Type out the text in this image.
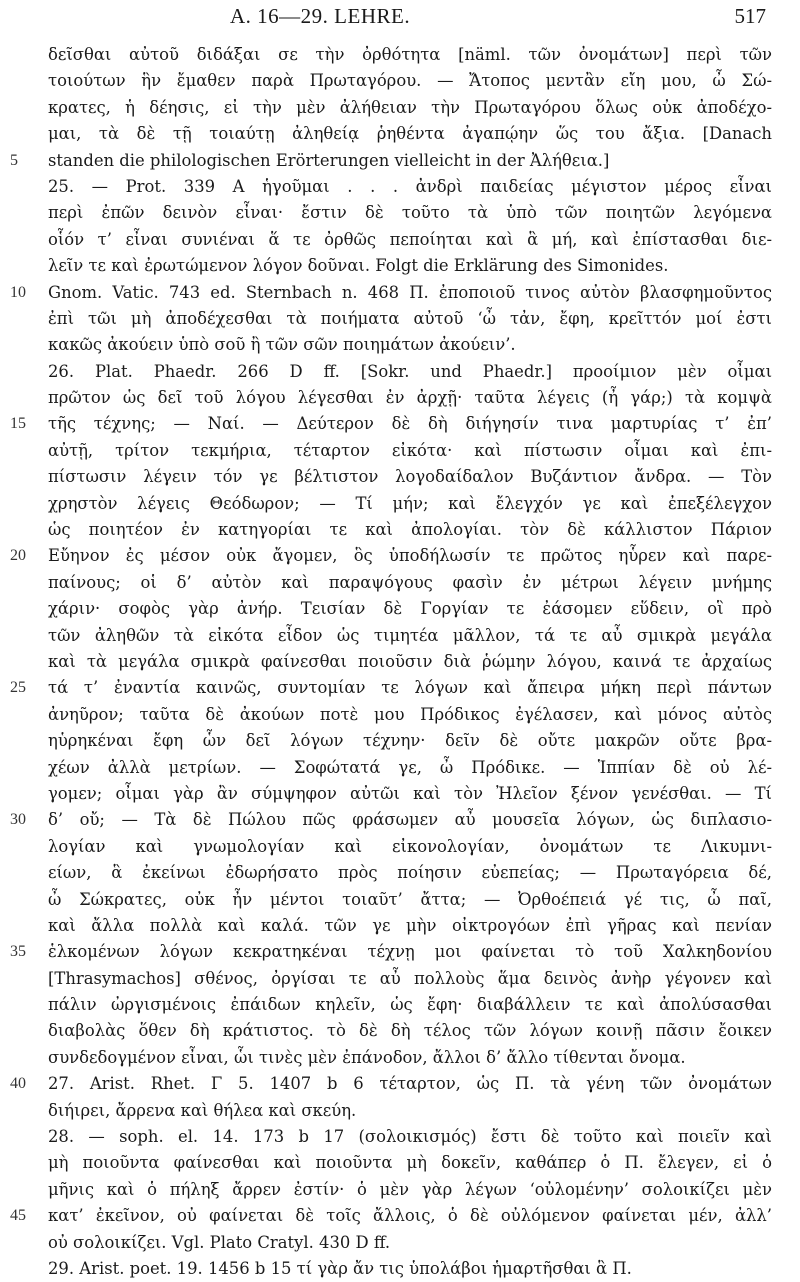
A. 16—29. LEHRE.	517
δεῖσθαι αὐτοῦ διδάξαι σε τὴν ὀρθότητα [näml. τῶν ὀνομάτων] περὶ τῶν
τοιούτων ἣν ἔμαθεν παρὰ Πρωταγόρου. — Ἄτοπος μεντἂν εἴη μου, ὦ Σώ-
κρατες, ἡ δέησις, εἰ τὴν μὲν ἀλήθειαν τὴν Πρωταγόρου ὅλως οὐκ ἀποδέχο-
μαι, τὰ δὲ τῇ τοιαύτῃ ἀληθείᾳ ῥηθέντα ἀγαπῴην ὥς του ἄξια. [Danach
5	standen die philologischen Erörterungen vielleicht in der Ἀλήθεια.]
25. — Prot. 339 A ἡγοῦμαι . . . ἀνδρὶ παιδείας μέγιστον μέρος εἶναι
περὶ ἐπῶν δεινὸν εἶναι· ἔστιν δὲ τοῦτο τὰ ὑπὸ τῶν ποιητῶν λεγόμενα
οἷόν τ’ εἶναι συνιέναι ἅ τε ὀρθῶς πεποίηται καὶ ἃ μή, καὶ ἐπίστασθαι διε-
λεῖν τε καὶ ἐρωτώμενον λόγον δοῦναι. Folgt die Erklärung des Simonides.
10	Gnom. Vatic. 743 ed. Sternbach n. 468 Π. ἐποποιοῦ τινος αὐτὸν βλασφημοῦντος
ἐπὶ τῶι μὴ ἀποδέχεσθαι τὰ ποιήματα αὐτοῦ ‘ὦ τἀν, ἔφη, κρεῖττόν μοί ἐστι
κακῶς ἀκούειν ὑπὸ σοῦ ἢ τῶν σῶν ποιημάτων ἀκούειν’.
26. Plat. Phaedr. 266 D ff. [Sokr. und Phaedr.] προοίμιον μὲν οἶμαι
πρῶτον ὡς δεῖ τοῦ λόγου λέγεσθαι ἐν ἀρχῇ· ταῦτα λέγεις (ἦ γάρ;) τὰ κομψὰ
15	τῆς τέχνης; — Ναί. — Δεύτερον δὲ δὴ διήγησίν τινα μαρτυρίας τ’ ἐπ’
αὐτῇ, τρίτον τεκμήρια, τέταρτον εἰκότα· καὶ πίστωσιν οἶμαι καὶ ἐπι-
πίστωσιν λέγειν τόν γε βέλτιστον λογοδαίδαλον Βυζάντιον ἄνδρα. — Τὸν
χρηστὸν λέγεις Θεόδωρον; — Τί μήν; καὶ ἔλεγχόν γε καὶ ἐπεξέλεγχον
ὡς ποιητέον ἐν κατηγορίαι τε καὶ ἀπολογίαι. τὸν δὲ κάλλιστον Πάριον
20	Εὔηνον ἐς μέσον οὐκ ἄγομεν, ὃς ὑποδήλωσίν τε πρῶτος ηὗρεν καὶ παρε-
παίνους; οἱ δ’ αὐτὸν καὶ παραψόγους φασὶν ἐν μέτρωι λέγειν μνήμης
χάριν· σοφὸς γὰρ ἀνήρ. Τεισίαν δὲ Γοργίαν τε ἐάσομεν εὕδειν, οἳ πρὸ
τῶν ἀληθῶν τὰ εἰκότα εἶδον ὡς τιμητέα μᾶλλον, τά τε αὖ σμικρὰ μεγάλα
καὶ τὰ μεγάλα σμικρὰ φαίνεσθαι ποιοῦσιν διὰ ῥώμην λόγου, καινά τε ἀρχαίως
25	τά τ’ ἐναντία καινῶς, συντομίαν τε λόγων καὶ ἄπειρα μήκη περὶ πάντων
ἀνηῦρον; ταῦτα δὲ ἀκούων ποτὲ μου Πρόδικος ἐγέλασεν, καὶ μόνος αὐτὸς
ηὑρηκέναι ἔφη ὧν δεῖ λόγων τέχνην· δεῖν δὲ οὔτε μακρῶν οὔτε βρα-
χέων ἀλλὰ μετρίων. — Σοφώτατά γε, ὦ Πρόδικε. — Ἱππίαν δὲ οὐ λέ-
γομεν; οἶμαι γὰρ ἂν σύμψηφον αὐτῶι καὶ τὸν Ἠλεῖον ξένον γενέσθαι. — Τί
30	δ’ οὔ; — Τὰ δὲ Πώλου πῶς φράσωμεν αὖ μουσεῖα λόγων, ὡς διπλασιο-
λογίαν καὶ γνωμολογίαν καὶ εἰκονολογίαν, ὀνομάτων τε Λικυμνι-
είων, ἃ ἐκείνωι ἐδωρήσατο πρὸς ποίησιν εὐεπείας; — Πρωταγόρεια δέ,
ὦ Σώκρατες, οὐκ ἦν μέντοι τοιαῦτ’ ἄττα; — Ὀρθοέπειά γέ τις, ὦ παῖ,
καὶ ἄλλα πολλὰ καὶ καλά. τῶν γε μὴν οἰκτρογόων ἐπὶ γῆρας καὶ πενίαν
35	ἑλκομένων λόγων κεκρατηκέναι τέχνῃ μοι φαίνεται τὸ τοῦ Χαλκηδονίου
[Thrasymachos] σθένος, ὀργίσαι τε αὖ πολλοὺς ἅμα δεινὸς ἀνὴρ γέγονεν καὶ
πάλιν ὠργισμένοις ἐπάιδων κηλεῖν, ὡς ἔφη· διαβάλλειν τε καὶ ἀπολύσασθαι
διαβολὰς ὅθεν δὴ κράτιστος. τὸ δὲ δὴ τέλος τῶν λόγων κοινῇ πᾶσιν ἔοικεν
συνδεδογμένον εἶναι, ὧι τινὲς μὲν ἐπάνοδον, ἄλλοι δ’ ἄλλο τίθενται ὄνομα.
40	27. Arist. Rhet. Γ 5. 1407 b 6 τέταρτον, ὡς Π. τὰ γένη τῶν ὀνομάτων
διήιρει, ἄρρενα καὶ θήλεα καὶ σκεύη.
28. — soph. el. 14. 173 b 17 (σολοικισμός) ἔστι δὲ τοῦτο καὶ ποιεῖν καὶ
μὴ ποιοῦντα φαίνεσθαι καὶ ποιοῦντα μὴ δοκεῖν, καθάπερ ὁ Π. ἔλεγεν, εἰ ὁ
μῆνις καὶ ὁ πήληξ ἄρρεν ἐστίν· ὁ μὲν γὰρ λέγων ‘οὐλομένην’ σολοικίζει μὲν
45	κατ’ ἐκεῖνον, οὐ φαίνεται δὲ τοῖς ἄλλοις, ὁ δὲ οὐλόμενον φαίνεται μέν, ἀλλ’
οὐ σολοικίζει. Vgl. Plato Cratyl. 430 D ff.
29. Arist. poet. 19. 1456 b 15 τί γὰρ ἄν τις ὑπολάβοι ἡμαρτῆσθαι ἃ Π.
